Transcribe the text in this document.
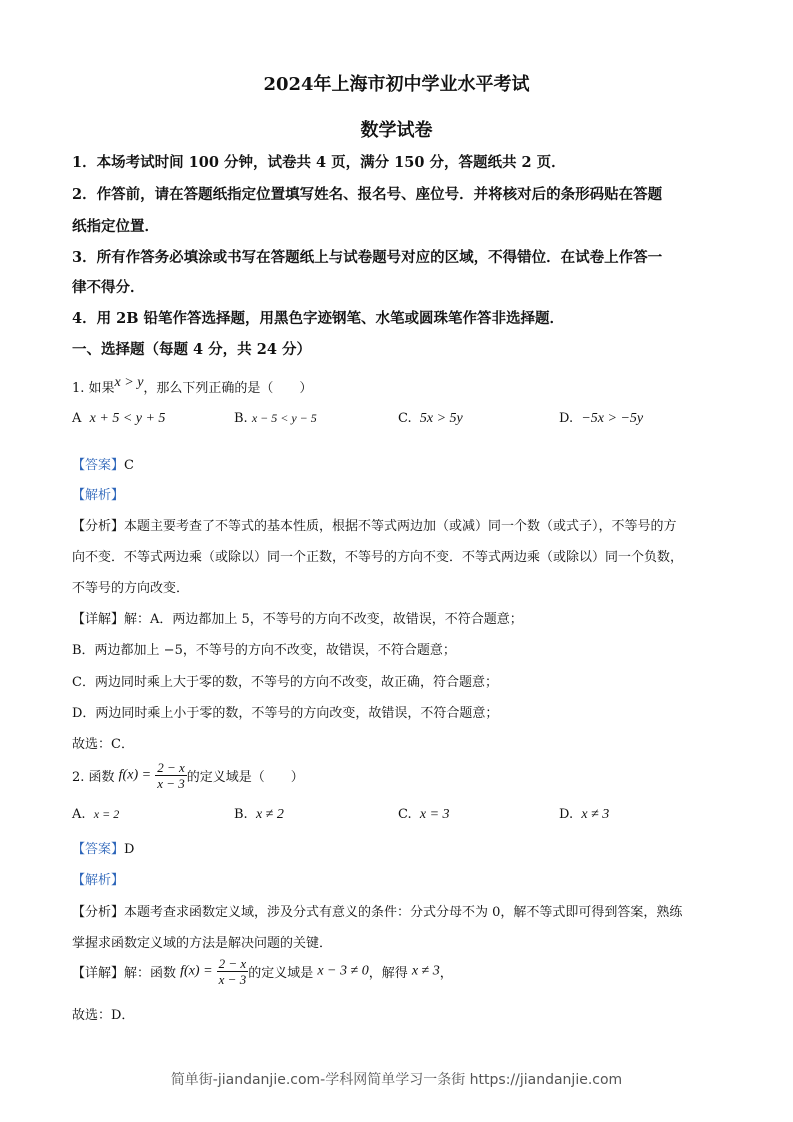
2024年上海市初中学业水平考试
数学试卷
1．本场考试时间 100 分钟，试卷共 4 页，满分 150 分，答题纸共 2 页．
2．作答前，请在答题纸指定位置填写姓名、报名号、座位号．并将核对后的条形码贴在答题
纸指定位置．
3．所有作答务必填涂或书写在答题纸上与试卷题号对应的区域，不得错位．在试卷上作答一
律不得分．
4．用 2B 铅笔作答选择题，用黑色字迹钢笔、水笔或圆珠笔作答非选择题．
一、选择题（每题 4 分，共 24 分）
1. 如果x > y，那么下列正确的是（　　）
A x + 5 < y + 5	B. x − 5 < y − 5	C. 5x > 5y	D. −5x > −5y
【答案】C
【解析】
【分析】本题主要考查了不等式的基本性质，根据不等式两边加（或减）同一个数（或式子），不等号的方
向不变．不等式两边乘（或除以）同一个正数，不等号的方向不变．不等式两边乘（或除以）同一个负数，
不等号的方向改变．
【详解】解：A．两边都加上 5，不等号的方向不改变，故错误，不符合题意；
B．两边都加上 −5，不等号的方向不改变，故错误，不符合题意；
C．两边同时乘上大于零的数，不等号的方向不改变，故正确，符合题意；
D．两边同时乘上小于零的数，不等号的方向改变，故错误，不符合题意；
故选：C．
2. 函数 $f(x) = \frac{2 - x}{x - 3}$ 的定义域是（　　）
A. x = 2	B. x ≠ 2	C. x = 3	D. x ≠ 3
【答案】D
【解析】
【分析】本题考查求函数定义域，涉及分式有意义的条件：分式分母不为 0，解不等式即可得到答案，熟练
掌握求函数定义域的方法是解决问题的关键．
【详解】解：函数 $f(x) = \frac{2 - x}{x - 3}$ 的定义域是 x − 3 ≠ 0，解得 x ≠ 3，
故选：D．
简单街-jiandanjie.com-学科网简单学习一条街 https://jiandanjie.com
